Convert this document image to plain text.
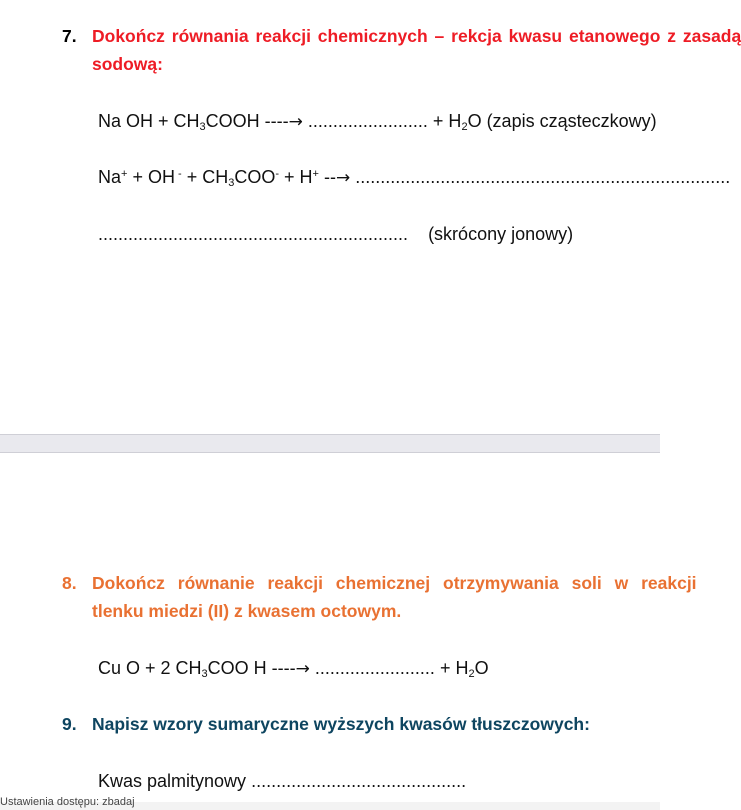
7. Dokończ równania reakcji chemicznych – rekcja kwasu etanowego z zasadą
sodową:
Na OH + $CH_3COOH$ ----→ ........................ + $H_2O$ (zapis cząsteczkowy)
Na+ + OH $^- + CH_3COO^- + H^+$ --→ ...........................................................................
..............................................................    (skrócony jonowy)
8. Dokończ równanie reakcji chemicznej otrzymywania soli w reakcji
tlenku miedzi (II) z kwasem octowym.
Cu O + 2 $CH_3COO$ H ----→ ........................ + $H_2O$
9. Napisz wzory sumaryczne wyższych kwasów tłuszczowych:
Kwas palmitynowy ...........................................
Ustawienia dostępu: zbadaj
